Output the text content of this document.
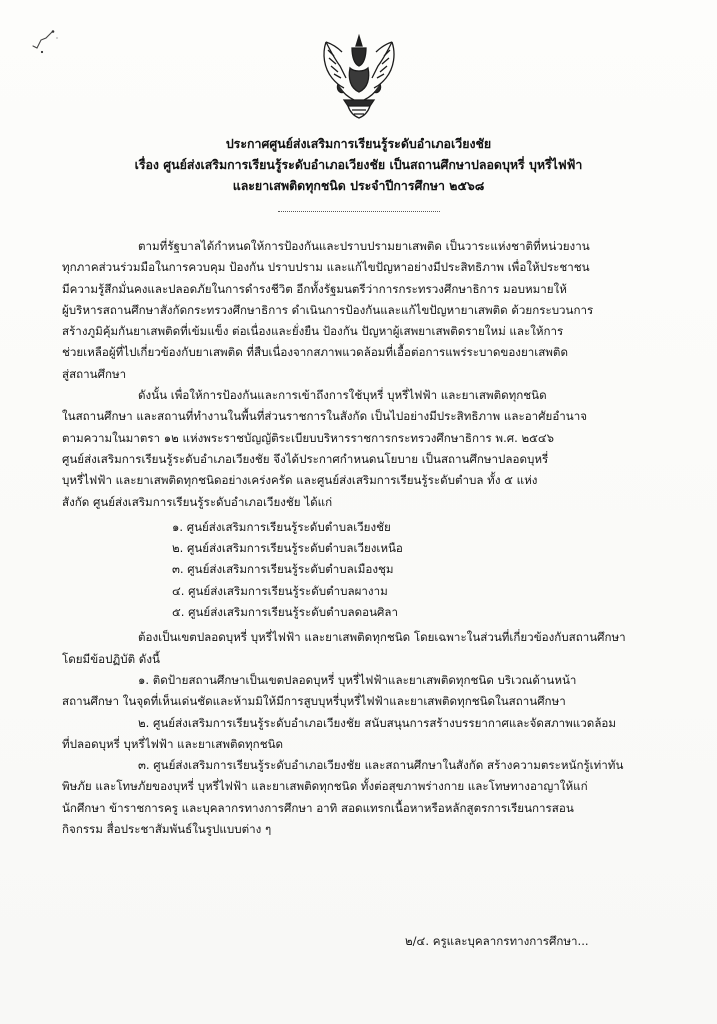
ประกาศศูนย์ส่งเสริมการเรียนรู้ระดับอำเภอเวียงชัย
เรื่อง ศูนย์ส่งเสริมการเรียนรู้ระดับอำเภอเวียงชัย เป็นสถานศึกษาปลอดบุหรี่ บุหรี่ไฟฟ้า
และยาเสพติดทุกชนิด ประจำปีการศึกษา ๒๕๖๘

ตามที่รัฐบาลได้กำหนดให้การป้องกันและปราบปรามยาเสพติด เป็นวาระแห่งชาติที่หน่วยงาน

ทุกภาคส่วนร่วมมือในการควบคุม ป้องกัน ปราบปราม และแก้ไขปัญหาอย่างมีประสิทธิภาพ เพื่อให้ประชาชน

มีความรู้สึกมั่นคงและปลอดภัยในการดำรงชีวิต อีกทั้งรัฐมนตรีว่าการกระทรวงศึกษาธิการ มอบหมายให้

ผู้บริหารสถานศึกษาสังกัดกระทรวงศึกษาธิการ ดำเนินการป้องกันและแก้ไขปัญหายาเสพติด ด้วยกระบวนการ

สร้างภูมิคุ้มกันยาเสพติดที่เข้มแข็ง ต่อเนื่องและยั่งยืน ป้องกัน ปัญหาผู้เสพยาเสพติดรายใหม่ และให้การ

ช่วยเหลือผู้ที่ไปเกี่ยวข้องกับยาเสพติด ที่สืบเนื่องจากสภาพแวดล้อมที่เอื้อต่อการแพร่ระบาดของยาเสพติด

สู่สถานศึกษา

ดังนั้น เพื่อให้การป้องกันและการเข้าถึงการใช้บุหรี่ บุหรี่ไฟฟ้า และยาเสพติดทุกชนิด

ในสถานศึกษา และสถานที่ทำงานในพื้นที่ส่วนราชการในสังกัด เป็นไปอย่างมีประสิทธิภาพ และอาศัยอำนาจ

ตามความในมาตรา ๑๒ แห่งพระราชบัญญัติระเบียบบริหารราชการกระทรวงศึกษาธิการ พ.ศ. ๒๕๔๖

ศูนย์ส่งเสริมการเรียนรู้ระดับอำเภอเวียงชัย จึงได้ประกาศกำหนดนโยบาย เป็นสถานศึกษาปลอดบุหรี่

บุหรี่ไฟฟ้า และยาเสพติดทุกชนิดอย่างเคร่งครัด และศูนย์ส่งเสริมการเรียนรู้ระดับตำบล ทั้ง ๕ แห่ง

สังกัด ศูนย์ส่งเสริมการเรียนรู้ระดับอำเภอเวียงชัย ได้แก่

๑. ศูนย์ส่งเสริมการเรียนรู้ระดับตำบลเวียงชัย

๒. ศูนย์ส่งเสริมการเรียนรู้ระดับตำบลเวียงเหนือ

๓. ศูนย์ส่งเสริมการเรียนรู้ระดับตำบลเมืองชุม

๔. ศูนย์ส่งเสริมการเรียนรู้ระดับตำบลผางาม

๕. ศูนย์ส่งเสริมการเรียนรู้ระดับตำบลดอนศิลา

ต้องเป็นเขตปลอดบุหรี่ บุหรี่ไฟฟ้า และยาเสพติดทุกชนิด โดยเฉพาะในส่วนที่เกี่ยวข้องกับสถานศึกษา

โดยมีข้อปฏิบัติ ดังนี้

๑. ติดป้ายสถานศึกษาเป็นเขตปลอดบุหรี่ บุหรี่ไฟฟ้าและยาเสพติดทุกชนิด บริเวณด้านหน้า

สถานศึกษา ในจุดที่เห็นเด่นชัดและห้ามมิให้มีการสูบบุหรี่บุหรี่ไฟฟ้าและยาเสพติดทุกชนิดในสถานศึกษา

๒. ศูนย์ส่งเสริมการเรียนรู้ระดับอำเภอเวียงชัย สนับสนุนการสร้างบรรยากาศและจัดสภาพแวดล้อม

ที่ปลอดบุหรี่ บุหรี่ไฟฟ้า และยาเสพติดทุกชนิด

๓. ศูนย์ส่งเสริมการเรียนรู้ระดับอำเภอเวียงชัย และสถานศึกษาในสังกัด สร้างความตระหนักรู้เท่าทัน

พิษภัย และโทษภัยของบุหรี่ บุหรี่ไฟฟ้า และยาเสพติดทุกชนิด ทั้งต่อสุขภาพร่างกาย และโทษทางอาญาให้แก่

นักศึกษา ข้าราชการครู และบุคลากรทางการศึกษา อาทิ สอดแทรกเนื้อหาหรือหลักสูตรการเรียนการสอน

กิจกรรม สื่อประชาสัมพันธ์ในรูปแบบต่าง ๆ

๒/๔. ครูและบุคลากรทางการศึกษา...
